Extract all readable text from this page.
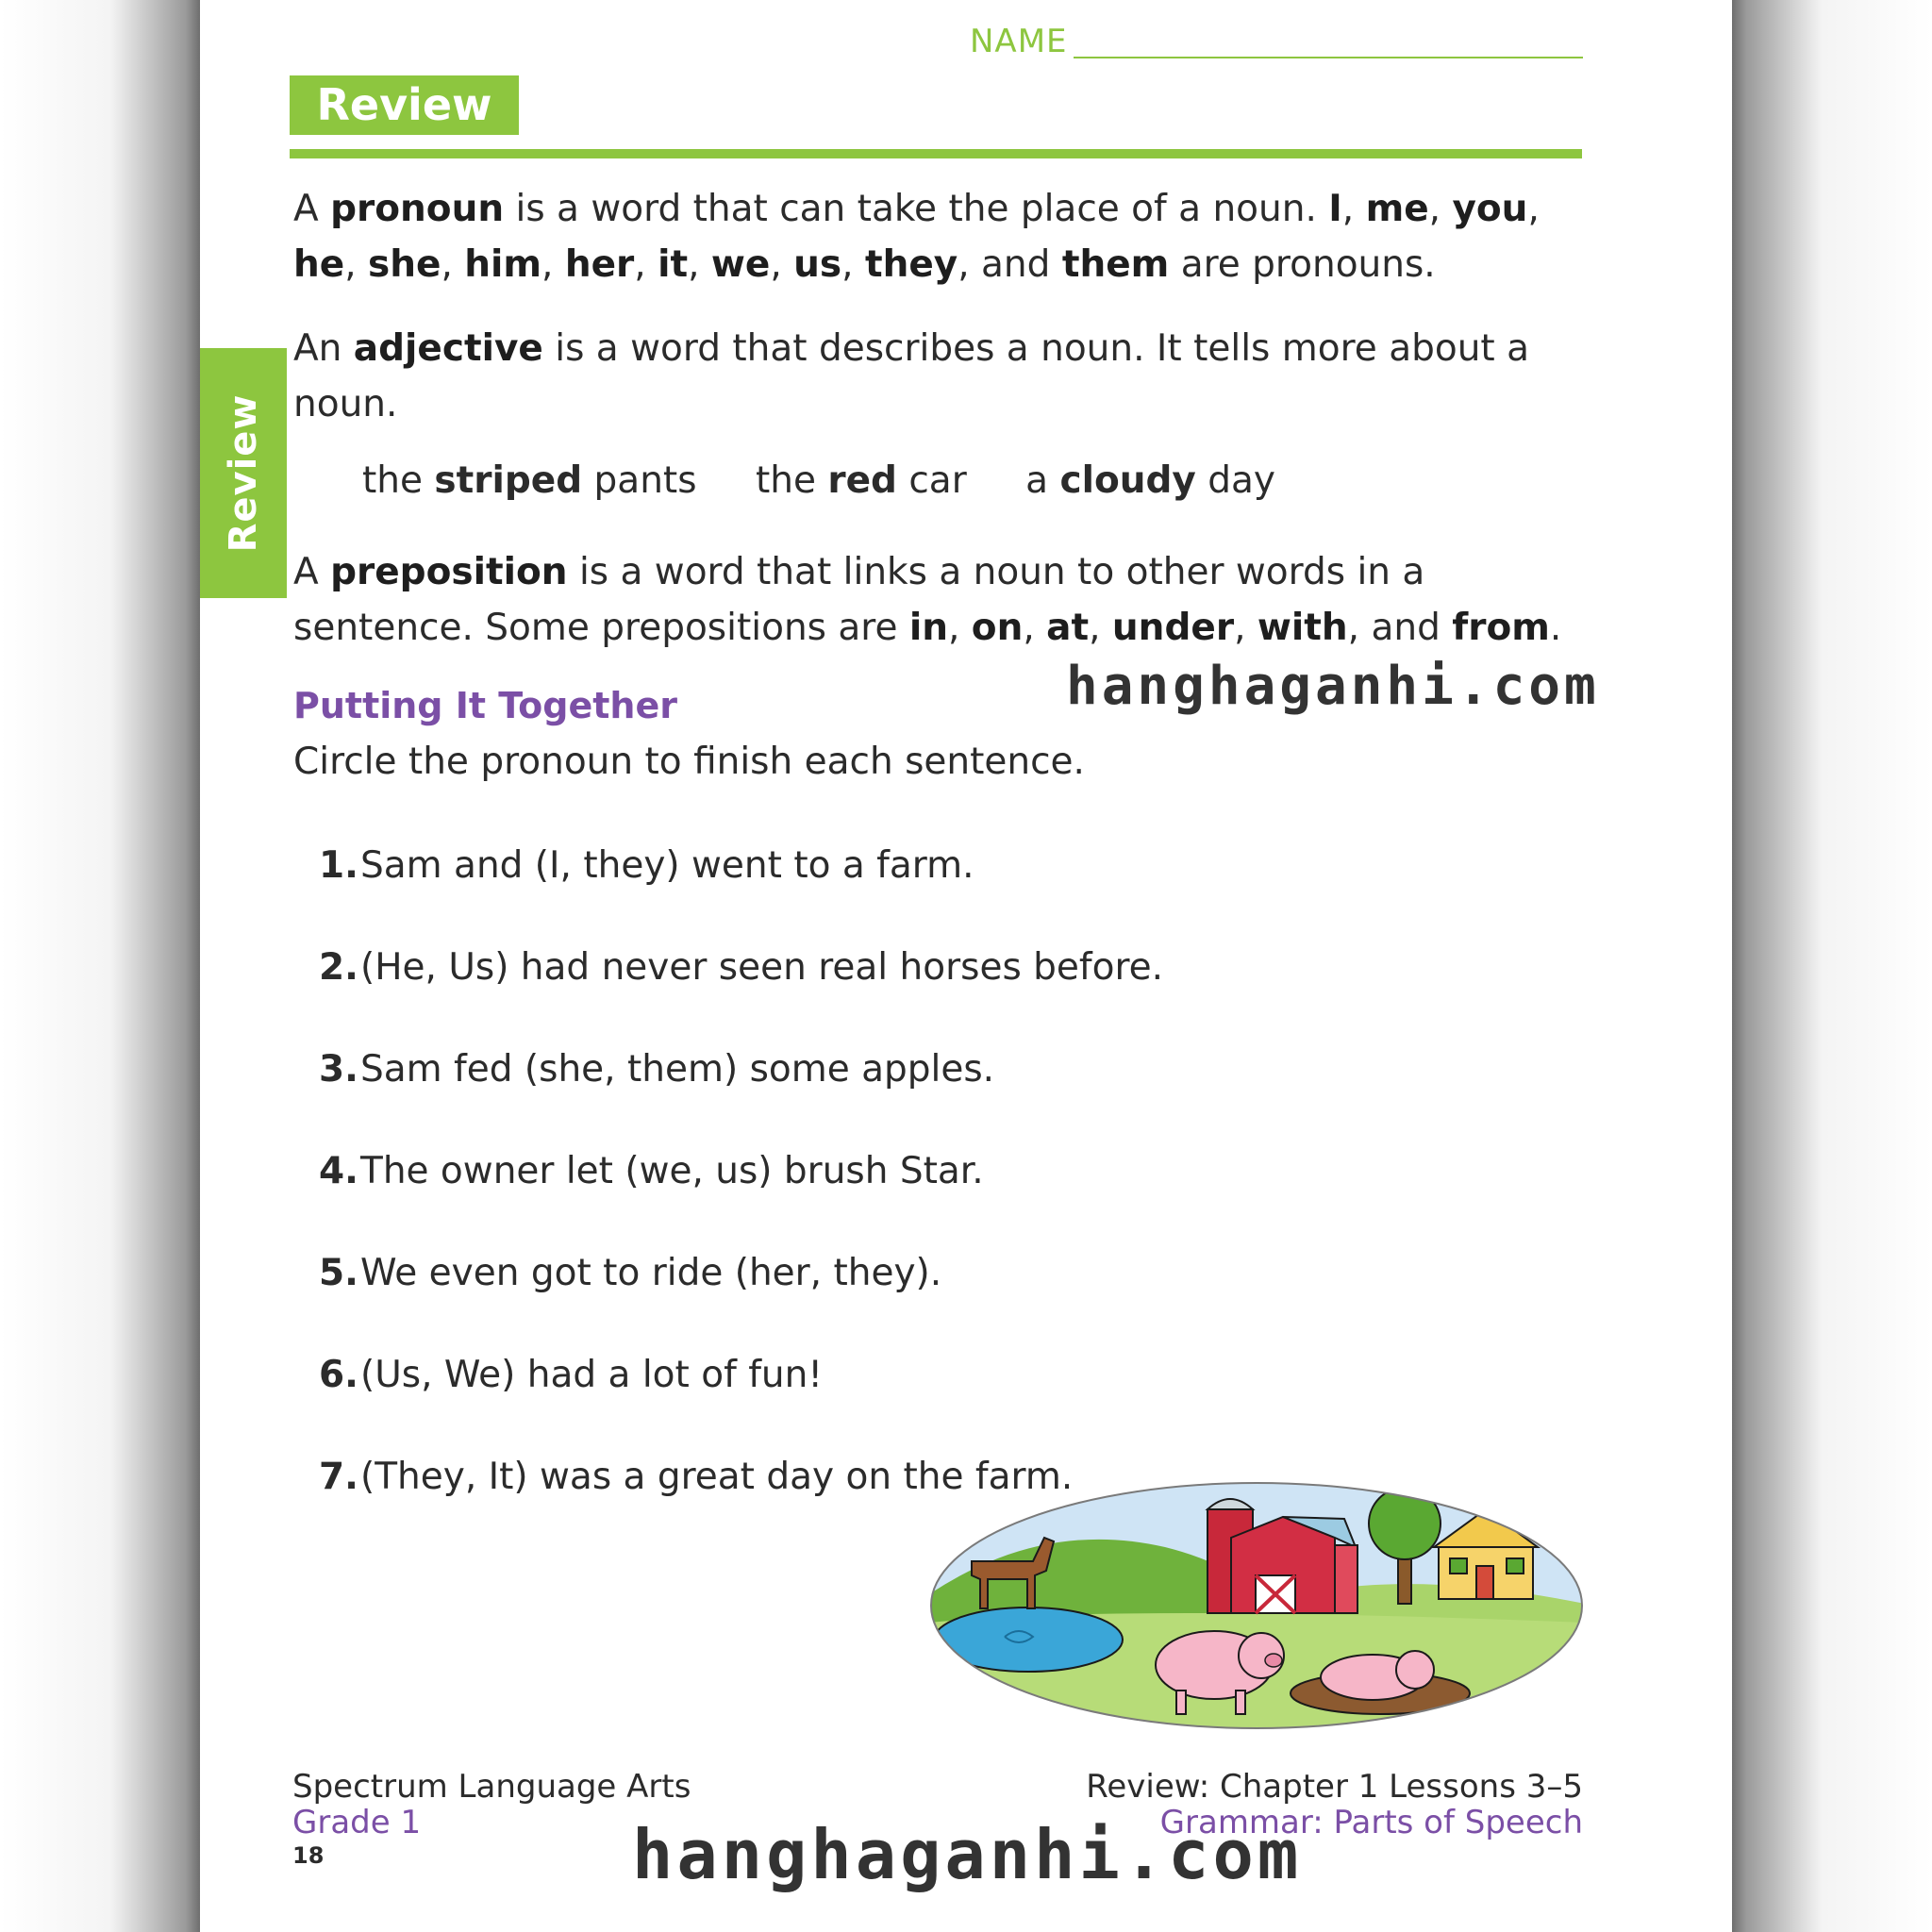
NAME
Review
Review
A pronoun is a word that can take the place of a noun. I, me, you, he, she, him, her, it, we, us, they, and them are pronouns.
An adjective is a word that describes a noun. It tells more about a noun.
the striped pants the red car a cloudy day
A preposition is a word that links a noun to other words in a sentence. Some prepositions are in, on, at, under, with, and from.
Putting It Together
Circle the pronoun to finish each sentence.
1.Sam and (I, they) went to a farm.
2.(He, Us) had never seen real horses before.
3.Sam fed (she, them) some apples.
4.The owner let (we, us) brush Star.
5.We even got to ride (her, they).
6.(Us, We) had a lot of fun!
7.(They, It) was a great day on the farm.
Spectrum Language Arts
Grade 1
18
Review: Chapter 1 Lessons 3–5
Grammar: Parts of Speech
hanghaganhi.com
hanghaganhi.com
